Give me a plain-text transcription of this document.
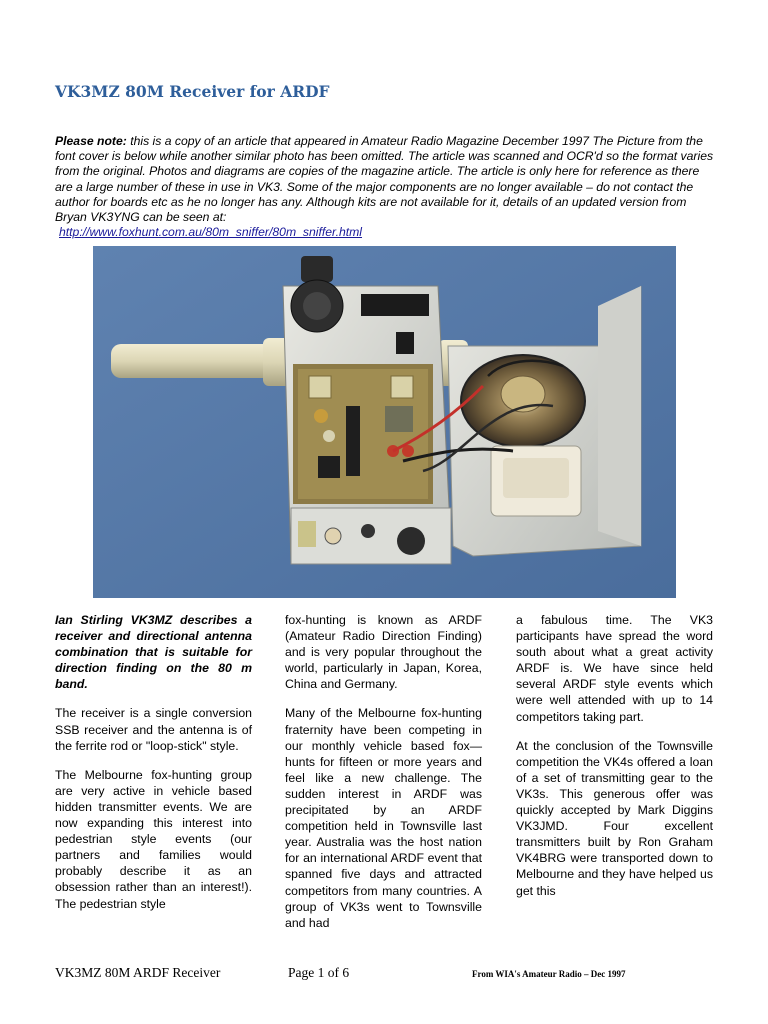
VK3MZ 80M Receiver for ARDF

Please note: this is a copy of an article that appeared in Amateur Radio Magazine December 1997 The Picture from the font cover is below while another similar photo has been omitted. The article was scanned and OCR'd so the format varies from the original. Photos and diagrams are copies of the magazine article. The article is only here for reference as there are a large number of these in use in VK3. Some of the major components are no longer available – do not contact the author for boards etc as he no longer has any. Although kits are not available for it, details of an updated version from Bryan VK3YNG can be seen at:
http://www.foxhunt.com.au/80m_sniffer/80m_sniffer.html

Ian Stirling VK3MZ describes a receiver and directional antenna combination that is suitable for direction finding on the 80 m band.

The receiver is a single conversion SSB receiver and the antenna is of the ferrite rod or "loop-stick" style.

The Melbourne fox-hunting group are very active in vehicle based hidden transmitter events. We are now expanding this interest into pedestrian style events (our partners and families would probably describe it as an obsession rather than an interest!). The pedestrian style

fox-hunting is known as ARDF (Amateur Radio Direction Finding) and is very popular throughout the world, particularly in Japan, Korea, China and Germany.

Many of the Melbourne fox-hunting fraternity have been competing in our monthly vehicle based fox—hunts for fifteen or more years and feel like a new challenge. The sudden interest in ARDF was precipitated by an ARDF competition held in Townsville last year. Australia was the host nation for an international ARDF event that spanned five days and attracted competitors from many countries. A group of VK3s went to Townsville and had

a fabulous time. The VK3 participants have spread the word south about what a great activity ARDF is. We have since held several ARDF style events which were well attended with up to 14 competitors taking part.

At the conclusion of the Townsville competition the VK4s offered a loan of a set of transmitting gear to the VK3s. This generous offer was quickly accepted by Mark Diggins VK3JMD. Four excellent transmitters built by Ron Graham VK4BRG were transported down to Melbourne and they have helped us get this

VK3MZ 80M ARDF Receiver	Page 1 of 6	From WIA's Amateur Radio – Dec 1997
